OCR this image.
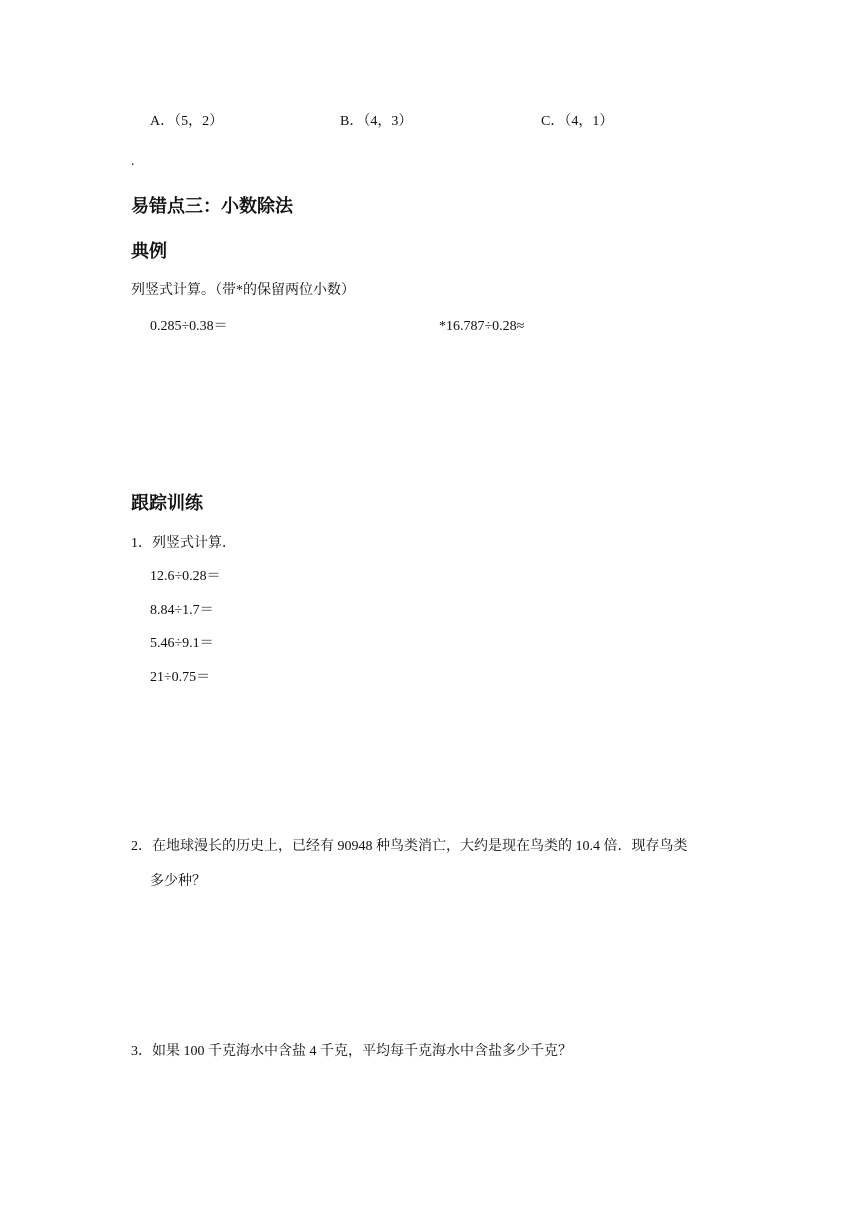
A．（5，2）	B．（4，3）	C．（4，1）
.
易错点三：小数除法
典例
列竖式计算。（带*的保留两位小数）
0.285÷0.38＝	*16.787÷0.28≈
跟踪训练
1．列竖式计算．
12.6÷0.28＝
8.84÷1.7＝
5.46÷9.1＝
21÷0.75＝
2．在地球漫长的历史上，已经有 90948 种鸟类消亡，大约是现在鸟类的 10.4 倍．现存鸟类
多少种？
3．如果 100 千克海水中含盐 4 千克，平均每千克海水中含盐多少千克？
